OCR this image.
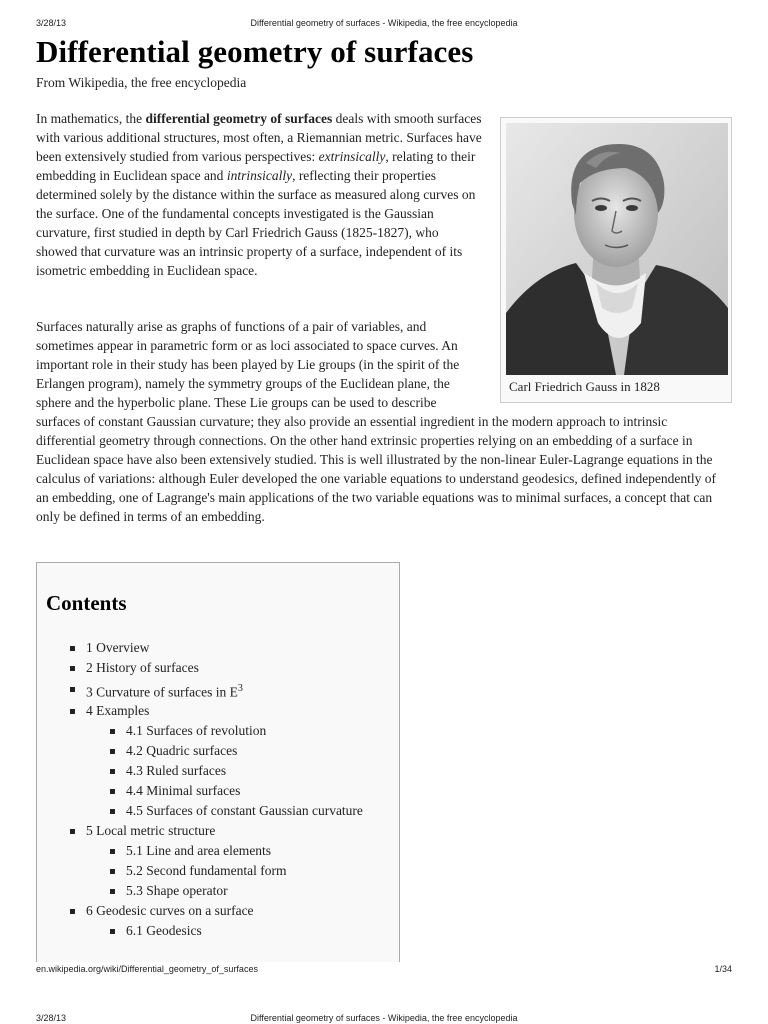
3/28/13	Differential geometry of surfaces - Wikipedia, the free encyclopedia
Differential geometry of surfaces
From Wikipedia, the free encyclopedia

In mathematics, the differential geometry of surfaces deals with smooth surfaces with various additional structures, most often, a Riemannian metric. Surfaces have been extensively studied from various perspectives: extrinsically, relating to their embedding in Euclidean space and intrinsically, reflecting their properties determined solely by the distance within the surface as measured along curves on the surface. One of the fundamental concepts investigated is the Gaussian curvature, first studied in depth by Carl Friedrich Gauss (1825-1827), who showed that curvature was an intrinsic property of a surface, independent of its isometric embedding in Euclidean space.

Surfaces naturally arise as graphs of functions of a pair of variables, and sometimes appear in parametric form or as loci associated to space curves. An important role in their study has been played by Lie groups (in the spirit of the Erlangen program), namely the symmetry groups of the Euclidean plane, the sphere and the hyperbolic plane. These Lie groups can be used to describe surfaces of constant Gaussian curvature; they also provide an essential ingredient in the modern approach to intrinsic differential geometry through connections. On the other hand extrinsic properties relying on an embedding of a surface in Euclidean space have also been extensively studied. This is well illustrated by the non-linear Euler-Lagrange equations in the calculus of variations: although Euler developed the one variable equations to understand geodesics, defined independently of an embedding, one of Lagrange's main applications of the two variable equations was to minimal surfaces, a concept that can only be defined in terms of an embedding.

Carl Friedrich Gauss in 1828
Contents
1 Overview
2 History of surfaces
3 Curvature of surfaces in $E^3$
4 Examples
4.1 Surfaces of revolution
4.2 Quadric surfaces
4.3 Ruled surfaces
4.4 Minimal surfaces
4.5 Surfaces of constant Gaussian curvature
5 Local metric structure
5.1 Line and area elements
5.2 Second fundamental form
5.3 Shape operator
6 Geodesic curves on a surface
6.1 Geodesics
en.wikipedia.org/wiki/Differential_geometry_of_surfaces	1/34
3/28/13	Differential geometry of surfaces - Wikipedia, the free encyclopedia
